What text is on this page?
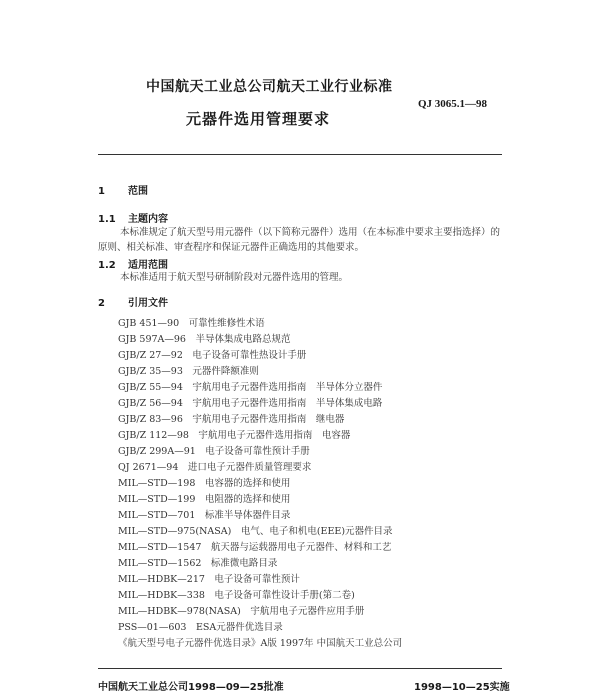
中国航天工业总公司航天工业行业标准
QJ 3065.1—98
元器件选用管理要求
1 范围
1.1 主题内容
本标准规定了航天型号用元器件（以下简称元器件）选用（在本标准中要求主要指选择）的原则、相关标准、审查程序和保证元器件正确选用的其他要求。
1.2 适用范围
本标准适用于航天型号研制阶段对元器件选用的管理。
2 引用文件
GJB 451—90　可靠性维修性术语
GJB 597A—96　半导体集成电路总规范
GJB/Z 27—92　电子设备可靠性热设计手册
GJB/Z 35—93　元器件降额准则
GJB/Z 55—94　宇航用电子元器件选用指南　半导体分立器件
GJB/Z 56—94　宇航用电子元器件选用指南　半导体集成电路
GJB/Z 83—96　宇航用电子元器件选用指南　继电器
GJB/Z 112—98　宇航用电子元器件选用指南　电容器
GJB/Z 299A—91　电子设备可靠性预计手册
QJ 2671—94　进口电子元器件质量管理要求
MIL—STD—198　电容器的选择和使用
MIL—STD—199　电阻器的选择和使用
MIL—STD—701　标准半导体器件目录
MIL—STD—975(NASA)　电气、电子和机电(EEE)元器件目录
MIL—STD—1547　航天器与运载器用电子元器件、材料和工艺
MIL—STD—1562　标准微电路目录
MIL—HDBK—217　电子设备可靠性预计
MIL—HDBK—338　电子设备可靠性设计手册(第二卷)
MIL—HDBK—978(NASA)　宇航用电子元器件应用手册
PSS—01—603　ESA元器件优选目录
《航天型号电子元器件优选目录》A版 1997年 中国航天工业总公司
中国航天工业总公司1998—09—25批准	1998—10—25实施
